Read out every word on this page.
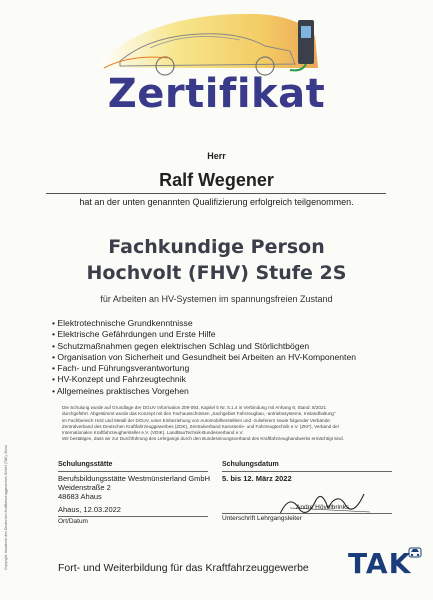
Zertifikat
Herr
Ralf Wegener
hat an der unten genannten Qualifizierung erfolgreich teilgenommen.
Fachkundige Person
Hochvolt (FHV) Stufe 2S
für Arbeiten an HV-Systemen im spannungsfreien Zustand
• Elektrotechnische Grundkenntnisse
• Elektrische Gefährdungen und Erste Hilfe
• Schutzmaßnahmen gegen elektrischen Schlag und Störlichtbögen
• Organisation von Sicherheit und Gesundheit bei Arbeiten an HV-Komponenten
• Fach- und Führungsverantwortung
• HV-Konzept und Fahrzeugtechnik
• Allgemeines praktisches Vorgehen
Die Schulung wurde auf Grundlage der DGUV Information 209-093, Kapitel 5 Nr. 5.1.4 in Verbindung mit Anhang 6; Stand: 8/2021
durchgeführt. Abgestimmt wurde das Konzept mit den Fachausschüssen „Sachgebiet Fahrzeugbau, -antriebssysteme, Instandhaltung"
im Fachbereich Holz und Metall der DGUV, unter Einbeziehung von Automobilherstellern und -zulieferern sowie folgender Verbände:
Zentralverband des Deutschen Kraftfahrzeuggewerbes (ZDK), Zentralverband Karosserie- und Fahrzeugtechnik e.V. (ZKF), Verband der
Internationalen Kraftfahrzeughersteller e.V. (VDIK), LandBauTechnik-Bundesverband e.V.
Wir bestätigen, dass wir zur Durchführung des Lehrgangs durch den Bundesinnungsverband des Kraftfahrzeughandwerks ermächtigt sind.
Copyright: Akademie des Deutschen Kraftfahrzeuggewerbes GmbH (TAK), Bonn	Schulungsstätte
Berufsbildungsstätte Westmünsterland GmbH
Weidenstraße 2
48683 Ahaus
Schulungsdatum
5. bis 12. März 2022
Ahaus, 12.03.2022
Ort/Datum
Andre Hövelbrinks
Unterschrift Lehrgangsleiter
Fort- und Weiterbildung für das Kraftfahrzeuggewerbe TAK
